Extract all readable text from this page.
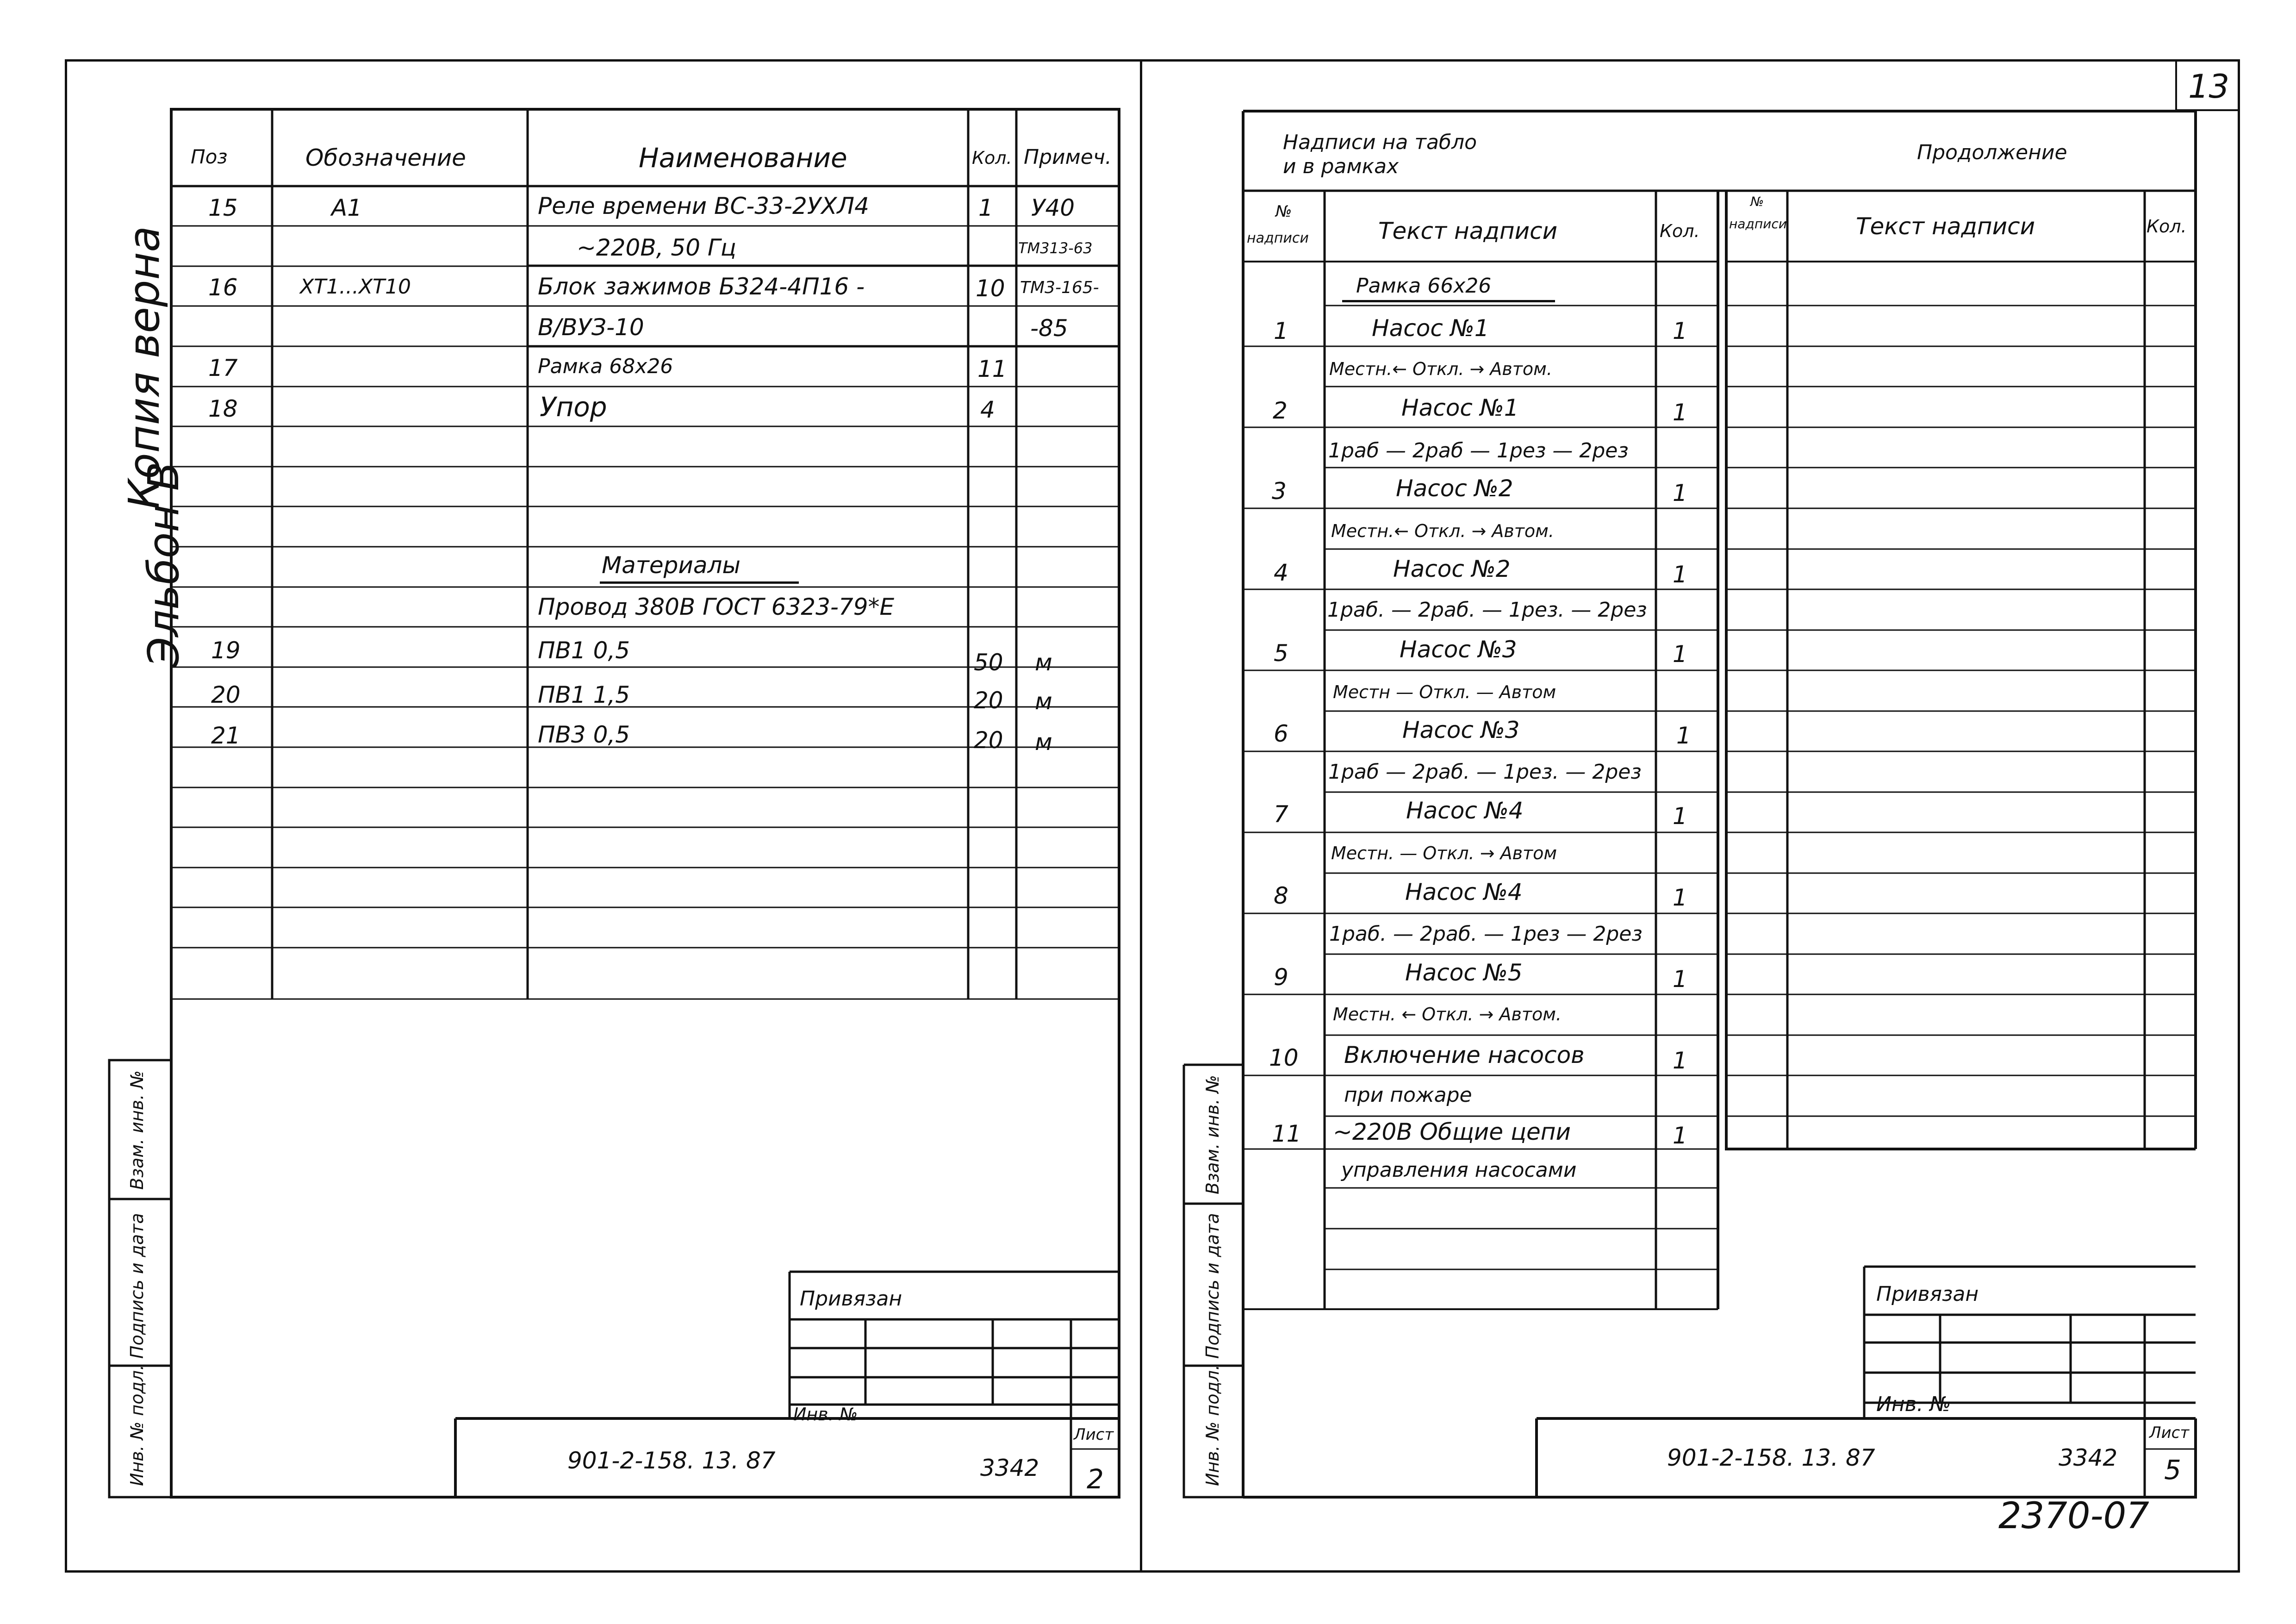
13
Копия верна
Эльбон В
Поз	Обозначение	Наименование	Кол. Примеч.
15	А1	Реле времени ВС-33-2УХЛ4	1 У40
~220В, 50 Гц	ТМ313-63
16	XT1...XT10	Блок зажимов Б324-4П16 -	10 ТМ3-165-
В/ВУЗ-10	-85
17	Рамка 68х26	11
18	Упор	4
Материалы
Провод 380В ГОСТ 6323-79*Е
19	ПВ1 0,5	50 м
20	ПВ1 1,5	20 м
21	ПВ3 0,5	20 м
Взам. инв. №
Подпись и дата
Инв. № подл.
Привязан
Инв. №
901-2-158. 13. 87	3342
Лист
2
Надписи на табло
и в рамках
Продолжение
№
надписи	Текст надписи	Кол.
№
надписи	Текст надписи	Кол.
Рамка 66х26
1	Насос №1	1
Местн.← Откл. → Автом.
2	Насос №1	1
1раб — 2раб — 1рез — 2рез
3	Насос №2	1
Местн.← Откл. → Автом.
4	Насос №2	1
1раб. — 2раб. — 1рез. — 2рез
5	Насос №3	1
Местн — Откл. — Автом
6	Насос №3	1
1раб — 2раб. — 1рез. — 2рез
7	Насос №4	1
Местн. — Откл. → Автом
8	Насос №4	1
1раб. — 2раб. — 1рез — 2рез
9	Насос №5	1
Местн. ← Откл. → Автом.
10 Включение насосов	1
при пожаре
11 ~220В Общие цепи	1
управления насосами
Взам. инв. №
Подпись и дата
Инв. № подл.
Привязан
Инв. №
901-2-158. 13. 87	3342
Лист
5
2370-07
